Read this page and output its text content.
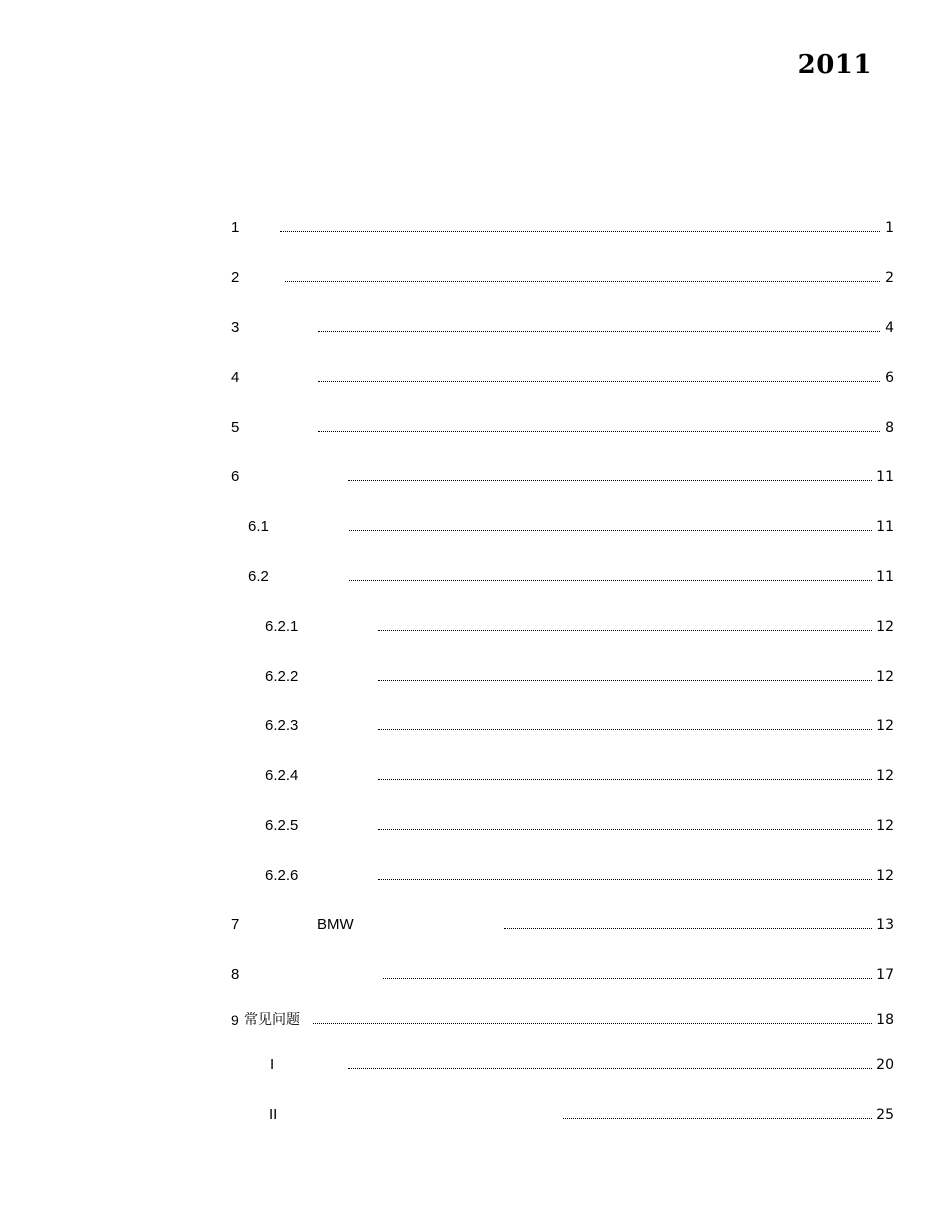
2011
1	1
2	2
3	4
4	6
5	8
6	11
6.1	11
6.2	11
6.2.1	12
6.2.2	12
6.2.3	12
6.2.4	12
6.2.5	12
6.2.6	12
7	BMW	13
8	17
9 常见问题	18
I	20
II	25
